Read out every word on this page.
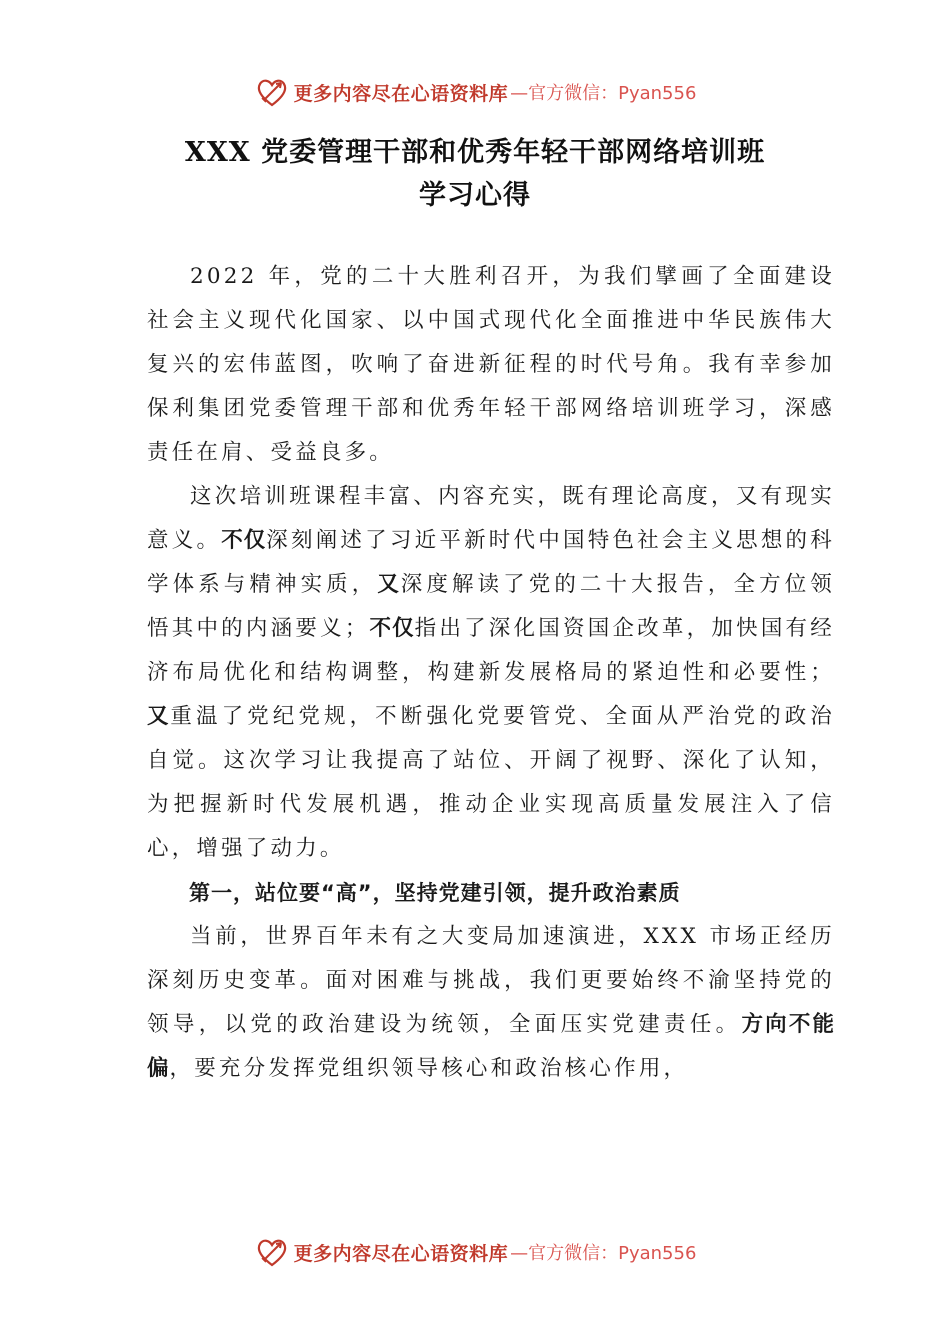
更多内容尽在心语资料库 —官方微信：Pyan556
XXX 党委管理干部和优秀年轻干部网络培训班
学习心得

2022 年，党的二十大胜利召开，为我们擘画了全面建设社会主义现代化国家、以中国式现代化全面推进中华民族伟大复兴的宏伟蓝图，吹响了奋进新征程的时代号角。我有幸参加保利集团党委管理干部和优秀年轻干部网络培训班学习，深感责任在肩、受益良多。

这次培训班课程丰富、内容充实，既有理论高度，又有现实意义。不仅深刻阐述了习近平新时代中国特色社会主义思想的科学体系与精神实质，又深度解读了党的二十大报告，全方位领悟其中的内涵要义；不仅指出了深化国资国企改革，加快国有经济布局优化和结构调整，构建新发展格局的紧迫性和必要性；又重温了党纪党规，不断强化党要管党、全面从严治党的政治自觉。这次学习让我提高了站位、开阔了视野、深化了认知，为把握新时代发展机遇，推动企业实现高质量发展注入了信心，增强了动力。

第一，站位要“高”，坚持党建引领，提升政治素质

当前，世界百年未有之大变局加速演进，XXX 市场正经历深刻历史变革。面对困难与挑战，我们更要始终不渝坚持党的领导，以党的政治建设为统领，全面压实党建责任。方向不能偏，要充分发挥党组织领导核心和政治核心作用，

更多内容尽在心语资料库 —官方微信：Pyan556
